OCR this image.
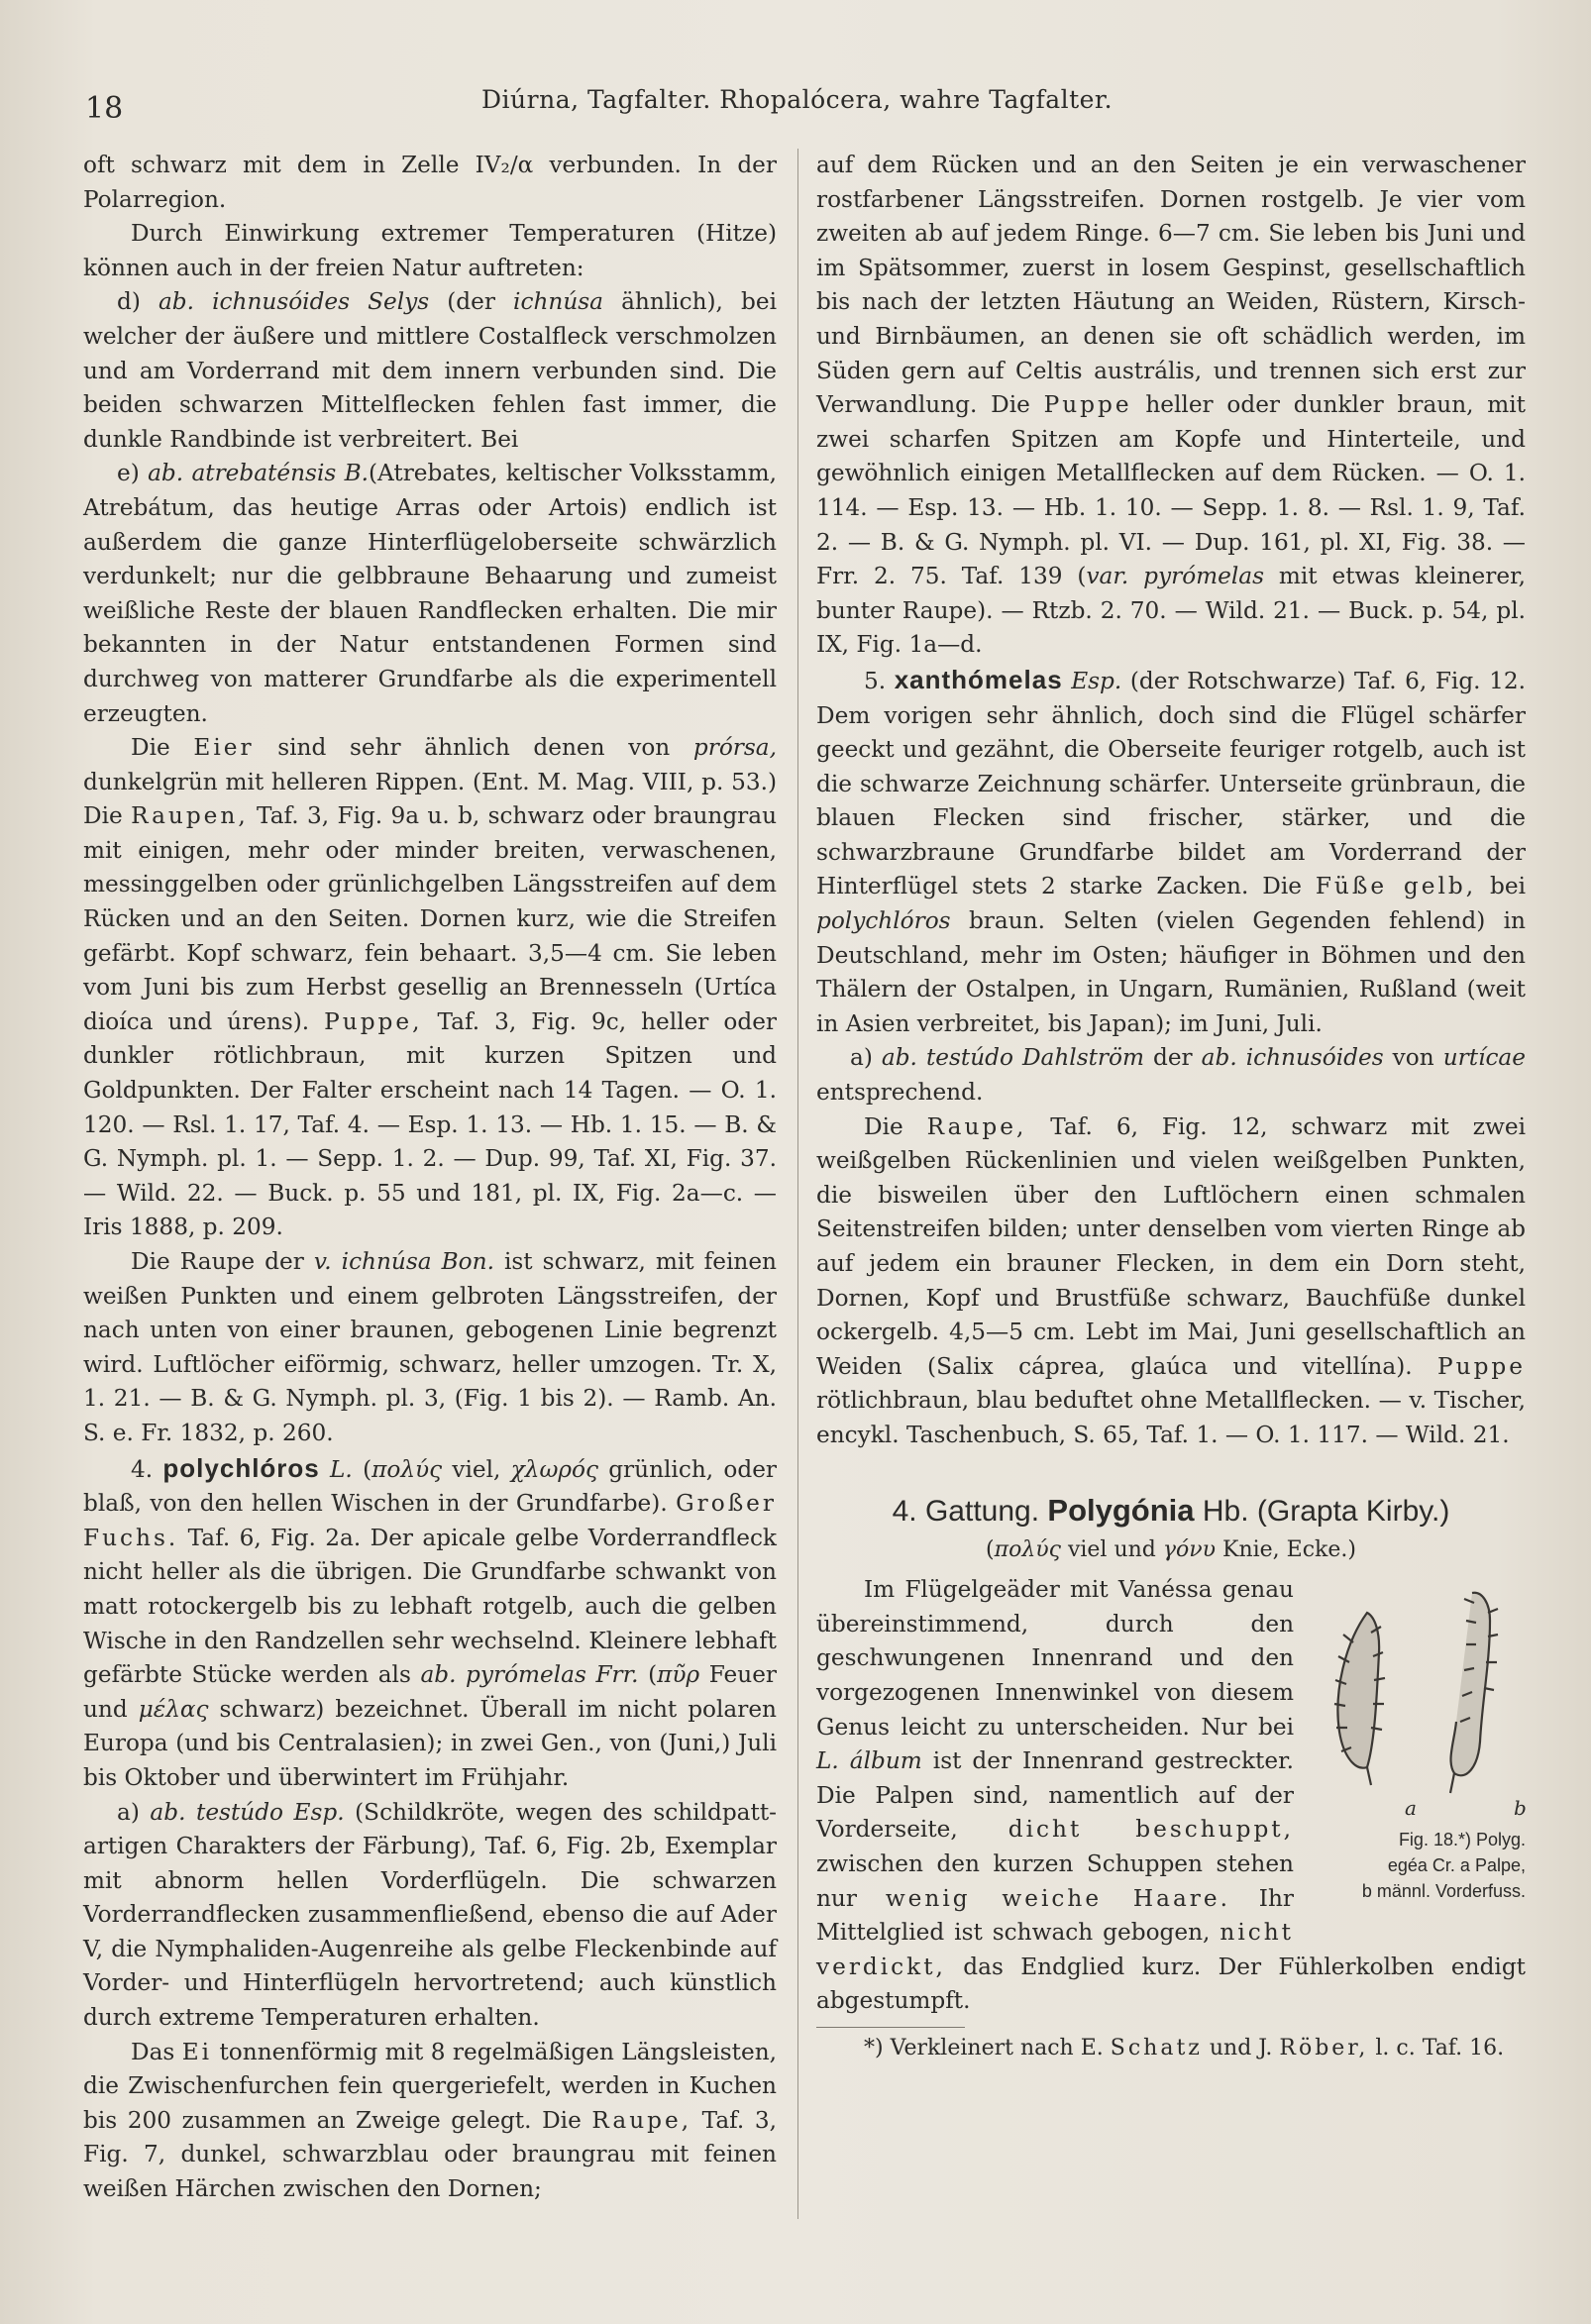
18	Diúrna, Tagfalter. Rhopalócera, wahre Tagfalter.

oft schwarz mit dem in Zelle IV₂/α verbunden. In der Polarregion.

Durch Einwirkung extremer Temperaturen (Hitze) können auch in der freien Natur auftreten:

d) ab. ichnusóides Selys (der ichnúsa ähnlich), bei welcher der äußere und mittlere Costalfleck verschmolzen und am Vorderrand mit dem innern verbunden sind. Die beiden schwarzen Mittelflecken fehlen fast immer, die dunkle Randbinde ist verbreitert. Bei

e) ab. atrebaténsis B.(Atrebates, keltischer Volksstamm, Atrebátum, das heutige Arras oder Artois) endlich ist außerdem die ganze Hinterflügeloberseite schwärzlich verdunkelt; nur die gelbbraune Behaarung und zumeist weißliche Reste der blauen Randflecken erhalten. Die mir bekannten in der Natur entstandenen Formen sind durchweg von matterer Grundfarbe als die experimentell erzeugten.

Die Eier sind sehr ähnlich denen von prórsa, dunkelgrün mit helleren Rippen. (Ent. M. Mag. VIII, p. 53.) Die Raupen, Taf. 3, Fig. 9a u. b, schwarz oder braungrau mit einigen, mehr oder minder breiten, verwaschenen, messinggelben oder grünlichgelben Längsstreifen auf dem Rücken und an den Seiten. Dornen kurz, wie die Streifen gefärbt. Kopf schwarz, fein behaart. 3,5—4 cm. Sie leben vom Juni bis zum Herbst gesellig an Brennesseln (Urtíca dioíca und úrens). Puppe, Taf. 3, Fig. 9c, heller oder dunkler rötlichbraun, mit kurzen Spitzen und Goldpunkten. Der Falter erscheint nach 14 Tagen. — O. 1. 120. — Rsl. 1. 17, Taf. 4. — Esp. 1. 13. — Hb. 1. 15. — B. & G. Nymph. pl. 1. — Sepp. 1. 2. — Dup. 99, Taf. XI, Fig. 37. — Wild. 22. — Buck. p. 55 und 181, pl. IX, Fig. 2a—c. — Iris 1888, p. 209.

Die Raupe der v. ichnúsa Bon. ist schwarz, mit feinen weißen Punkten und einem gelbroten Längsstreifen, der nach unten von einer braunen, gebogenen Linie begrenzt wird. Luftlöcher eiförmig, schwarz, heller umzogen. Tr. X, 1. 21. — B. & G. Nymph. pl. 3, (Fig. 1 bis 2). — Ramb. An. S. e. Fr. 1832, p. 260.

4. polychlóros L. (πολύς viel, χλωρός grünlich, oder blaß, von den hellen Wischen in der Grundfarbe). Großer Fuchs. Taf. 6, Fig. 2a. Der apicale gelbe Vorderrandfleck nicht heller als die übrigen. Die Grundfarbe schwankt von matt rotockergelb bis zu lebhaft rotgelb, auch die gelben Wische in den Randzellen sehr wechselnd. Kleinere lebhaft gefärbte Stücke werden als ab. pyrómelas Frr. (πῦρ Feuer und μέλας schwarz) bezeichnet. Überall im nicht polaren Europa (und bis Centralasien); in zwei Gen., von (Juni,) Juli bis Oktober und überwintert im Frühjahr.

a) ab. testúdo Esp. (Schildkröte, wegen des schildpatt-artigen Charakters der Färbung), Taf. 6, Fig. 2b, Exemplar mit abnorm hellen Vorderflügeln. Die schwarzen Vorderrandflecken zusammenfließend, ebenso die auf Ader V, die Nymphaliden-Augenreihe als gelbe Fleckenbinde auf Vorder- und Hinterflügeln hervortretend; auch künstlich durch extreme Temperaturen erhalten.

Das Ei tonnenförmig mit 8 regelmäßigen Längsleisten, die Zwischenfurchen fein quergeriefelt, werden in Kuchen bis 200 zusammen an Zweige gelegt. Die Raupe, Taf. 3, Fig. 7, dunkel, schwarzblau oder braungrau mit feinen weißen Härchen zwischen den Dornen;

auf dem Rücken und an den Seiten je ein verwaschener rostfarbener Längsstreifen. Dornen rostgelb. Je vier vom zweiten ab auf jedem Ringe. 6—7 cm. Sie leben bis Juni und im Spätsommer, zuerst in losem Gespinst, gesellschaftlich bis nach der letzten Häutung an Weiden, Rüstern, Kirsch- und Birnbäumen, an denen sie oft schädlich werden, im Süden gern auf Celtis austrális, und trennen sich erst zur Verwandlung. Die Puppe heller oder dunkler braun, mit zwei scharfen Spitzen am Kopfe und Hinterteile, und gewöhnlich einigen Metallflecken auf dem Rücken. — O. 1. 114. — Esp. 13. — Hb. 1. 10. — Sepp. 1. 8. — Rsl. 1. 9, Taf. 2. — B. & G. Nymph. pl. VI. — Dup. 161, pl. XI, Fig. 38. — Frr. 2. 75. Taf. 139 (var. pyrómelas mit etwas kleinerer, bunter Raupe). — Rtzb. 2. 70. — Wild. 21. — Buck. p. 54, pl. IX, Fig. 1a—d.

5. xanthómelas Esp. (der Rotschwarze) Taf. 6, Fig. 12. Dem vorigen sehr ähnlich, doch sind die Flügel schärfer geeckt und gezähnt, die Oberseite feuriger rotgelb, auch ist die schwarze Zeichnung schärfer. Unterseite grünbraun, die blauen Flecken sind frischer, stärker, und die schwarzbraune Grundfarbe bildet am Vorderrand der Hinterflügel stets 2 starke Zacken. Die Füße gelb, bei polychlóros braun. Selten (vielen Gegenden fehlend) in Deutschland, mehr im Osten; häufiger in Böhmen und den Thälern der Ostalpen, in Ungarn, Rumänien, Rußland (weit in Asien verbreitet, bis Japan); im Juni, Juli.

a) ab. testúdo Dahlström der ab. ichnusóides von urtícae entsprechend.

Die Raupe, Taf. 6, Fig. 12, schwarz mit zwei weißgelben Rückenlinien und vielen weißgelben Punkten, die bisweilen über den Luftlöchern einen schmalen Seitenstreifen bilden; unter denselben vom vierten Ringe ab auf jedem ein brauner Flecken, in dem ein Dorn steht, Dornen, Kopf und Brustfüße schwarz, Bauchfüße dunkel ockergelb. 4,5—5 cm. Lebt im Mai, Juni gesellschaftlich an Weiden (Salix cáprea, glaúca und vitellína). Puppe rötlichbraun, blau beduftet ohne Metallflecken. — v. Tischer, encykl. Taschenbuch, S. 65, Taf. 1. — O. 1. 117. — Wild. 21.

4. Gattung. Polygónia Hb. (Grapta Kirby.)
(πολύς viel und γόνυ Knie, Ecke.)

a	b
Fig. 18.*) Polyg.
egéa Cr. a Palpe,
b männl. Vorderfuss.
Im Flügelgeäder mit Vanéssa genau übereinstimmend, durch den geschwungenen Innenrand und den vorgezogenen Innenwinkel von diesem Genus leicht zu unterscheiden. Nur bei L. álbum ist der Innenrand gestreckter. Die Palpen sind, namentlich auf der Vorderseite, dicht beschuppt, zwischen den kurzen Schuppen stehen nur wenig weiche Haare. Ihr Mittelglied ist schwach gebogen, nicht verdickt, das Endglied kurz. Der Fühlerkolben endigt abgestumpft.

*) Verkleinert nach E. Schatz und J. Röber, l. c. Taf. 16.
